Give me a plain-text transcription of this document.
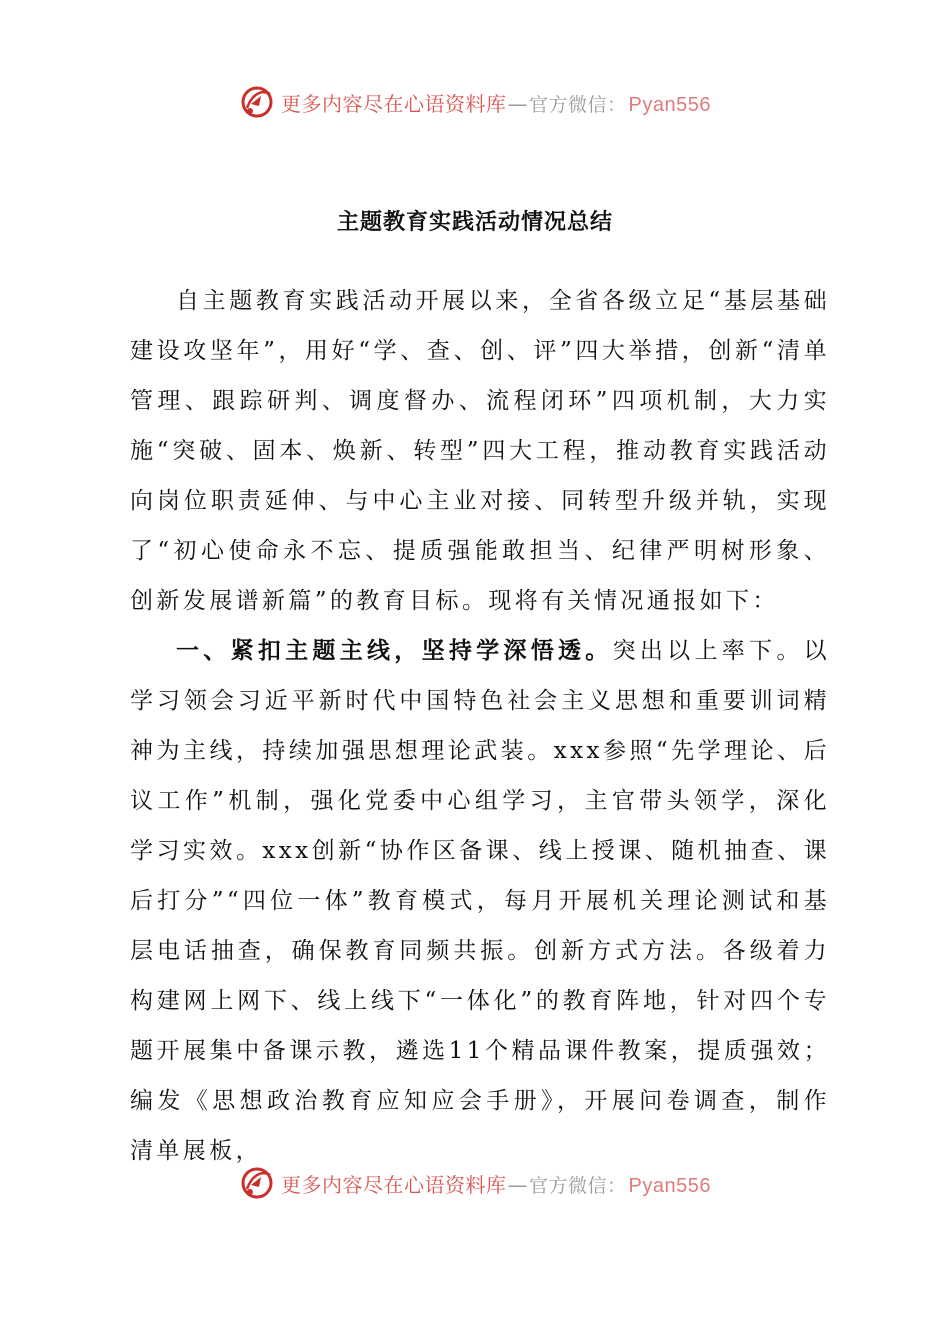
更多内容尽在心语资料库 — 官方微信： Pyan556
主题教育实践活动情况总结

自主题教育实践活动开展以来，全省各级立足“基层基础建设攻坚年”，用好“学、查、创、评”四大举措，创新“清单管理、跟踪研判、调度督办、流程闭环”四项机制，大力实施“突破、固本、焕新、转型”四大工程，推动教育实践活动向岗位职责延伸、与中心主业对接、同转型升级并轨，实现了“初心使命永不忘、提质强能敢担当、纪律严明树形象、创新发展谱新篇”的教育目标。现将有关情况通报如下：

一、紧扣主题主线，坚持学深悟透。突出以上率下。以学习领会习近平新时代中国特色社会主义思想和重要训词精神为主线，持续加强思想理论武装。xxx参照“先学理论、后议工作”机制，强化党委中心组学习，主官带头领学，深化学习实效。xxx创新“协作区备课、线上授课、随机抽查、课后打分”“四位一体”教育模式，每月开展机关理论测试和基层电话抽查，确保教育同频共振。创新方式方法。各级着力构建网上网下、线上线下“一体化”的教育阵地，针对四个专题开展集中备课示教，遴选11个精品课件教案，提质强效；编发《思想政治教育应知应会手册》，开展问卷调查，制作清单展板，

更多内容尽在心语资料库 — 官方微信： Pyan556
